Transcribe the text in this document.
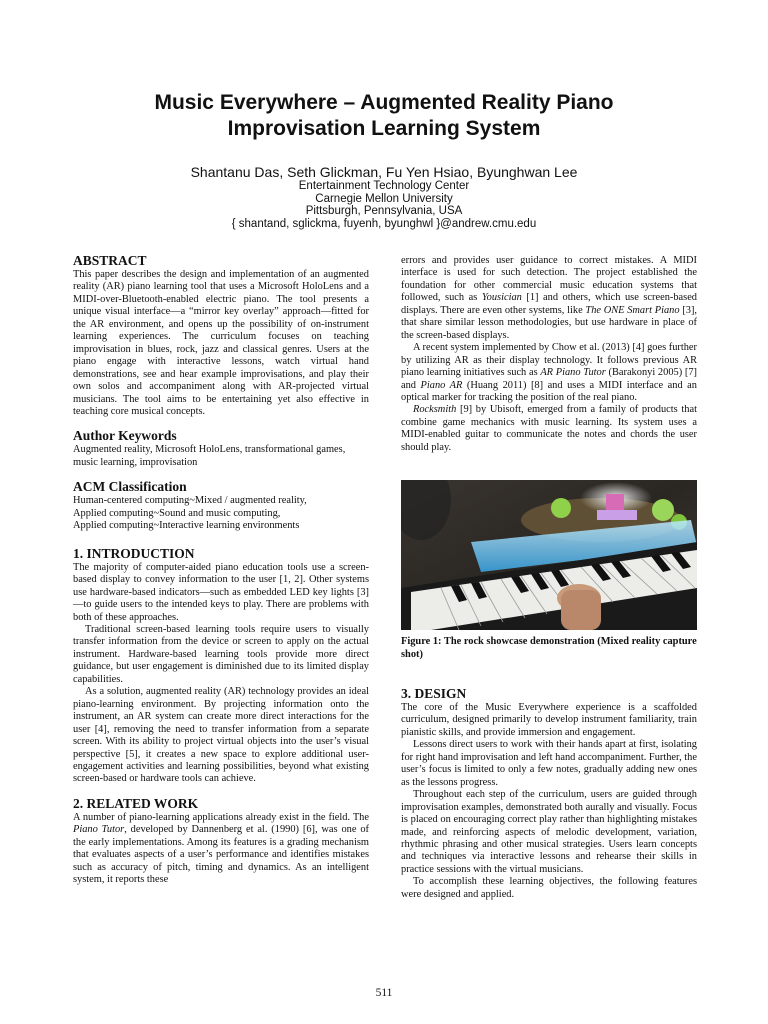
Music Everywhere – Augmented Reality Piano
Improvisation Learning System
Shantanu Das, Seth Glickman, Fu Yen Hsiao, Byunghwan Lee
Entertainment Technology Center
Carnegie Mellon University
Pittsburgh, Pennsylvania, USA
{ shantand, sglickma, fuyenh, byunghwl }@andrew.cmu.edu
ABSTRACT

This paper describes the design and implementation of an augmented reality (AR) piano learning tool that uses a Microsoft HoloLens and a MIDI-over-Bluetooth-enabled electric piano. The tool presents a unique visual interface—a “mirror key overlay” approach—fitted for the AR environment, and opens up the possibility of on-instrument learning experiences. The curriculum focuses on teaching improvisation in blues, rock, jazz and classical genres. Users at the piano engage with interactive lessons, watch virtual hand demonstrations, see and hear example improvisations, and play their own solos and accompaniment along with AR-projected virtual musicians. The tool aims to be entertaining yet also effective in teaching core musical concepts.

Author Keywords

Augmented reality, Microsoft HoloLens, transformational games, music learning, improvisation

ACM Classification
Human-centered computing~Mixed / augmented reality,
Applied computing~Sound and music computing,
Applied computing~Interactive learning environments
1. INTRODUCTION

The majority of computer-aided piano education tools use a screen-based display to convey information to the user [1, 2]. Other systems use hardware-based indicators—such as embedded LED key lights [3]—to guide users to the intended keys to play. There are problems with both of these approaches.

Traditional screen-based learning tools require users to visually transfer information from the device or screen to apply on the actual instrument. Hardware-based learning tools provide more direct guidance, but user engagement is diminished due to its limited display capabilities.

As a solution, augmented reality (AR) technology provides an ideal piano-learning environment. By projecting information onto the instrument, an AR system can create more direct interactions for the user [4], removing the need to transfer information from a separate screen. With its ability to project virtual objects into the user’s visual perspective [5], it creates a new space to explore additional user-engagement activities and learning possibilities, beyond what existing screen-based or hardware tools can achieve.

2. RELATED WORK

A number of piano-learning applications already exist in the field. The Piano Tutor, developed by Dannenberg et al. (1990) [6], was one of the early implementations. Among its features is a grading mechanism that evaluates aspects of a user’s performance and identifies mistakes such as accuracy of pitch, timing and dynamics. As an intelligent system, it reports these

errors and provides user guidance to correct mistakes. A MIDI interface is used for such detection. The project established the foundation for other commercial music education systems that followed, such as Yousician [1] and others, which use screen-based displays. There are even other systems, like The ONE Smart Piano [3], that share similar lesson methodologies, but use hardware in place of the screen-based displays.

A recent system implemented by Chow et al. (2013) [4] goes further by utilizing AR as their display technology. It follows previous AR piano learning initiatives such as AR Piano Tutor (Barakonyi 2005) [7] and Piano AR (Huang 2011) [8] and uses a MIDI interface and an optical marker for tracking the position of the real piano.

Rocksmith [9] by Ubisoft, emerged from a family of products that combine game mechanics with music learning. Its system uses a MIDI-enabled guitar to communicate the notes and chords the user should play.

Figure 1: The rock showcase demonstration (Mixed reality capture shot)
3. DESIGN

The core of the Music Everywhere experience is a scaffolded curriculum, designed primarily to develop instrument familiarity, train pianistic skills, and provide immersion and engagement.

Lessons direct users to work with their hands apart at first, isolating for right hand improvisation and left hand accompaniment. Further, the user’s focus is limited to only a few notes, gradually adding new ones as the lessons progress.

Throughout each step of the curriculum, users are guided through improvisation examples, demonstrated both aurally and visually. Focus is placed on encouraging correct play rather than highlighting mistakes made, and reinforcing aspects of melodic development, variation, rhythmic phrasing and other musical strategies. Users learn concepts and techniques via interactive lessons and rehearse their skills in practice sessions with the virtual musicians.

To accomplish these learning objectives, the following features were designed and applied.

511
